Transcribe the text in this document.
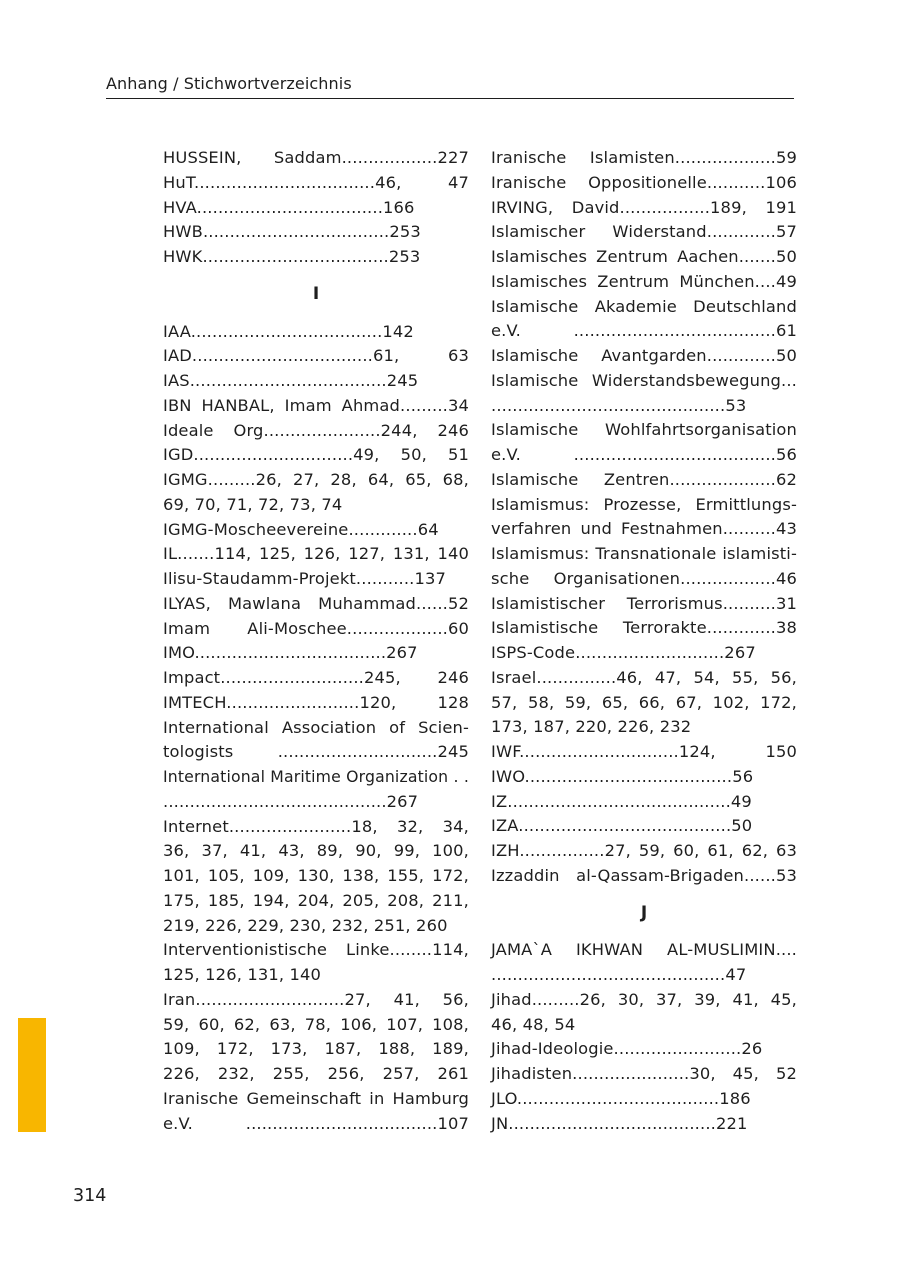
Anhang / Stichwortverzeichnis
HUSSEIN, Saddam..................227
HuT..................................46, 47
HVA...................................166
HWB...................................253
HWK...................................253
I
IAA....................................142
IAD..................................61, 63
IAS.....................................245
IBN HANBAL, Imam Ahmad.........34
Ideale Org......................244, 246
IGD..............................49, 50, 51
IGMG.........26, 27, 28, 64, 65, 68,
69, 70, 71, 72, 73, 74
IGMG-Moscheevereine.............64
IL.......114, 125, 126, 127, 131, 140
Ilisu-Staudamm-Projekt...........137
ILYAS, Mawlana Muhammad......52
Imam Ali-Moschee...................60
IMO....................................267
Impact...........................245, 246
IMTECH.........................120, 128
International Association of Scien-
tologists ..............................245
International Maritime Organization . .
..........................................267
Internet.......................18, 32, 34,
36, 37, 41, 43, 89, 90, 99, 100,
101, 105, 109, 130, 138, 155, 172,
175, 185, 194, 204, 205, 208, 211,
219, 226, 229, 230, 232, 251, 260
Interventionistische Linke........114,
125, 126, 131, 140
Iran............................27, 41, 56,
59, 60, 62, 63, 78, 106, 107, 108,
109, 172, 173, 187, 188, 189,
226, 232, 255, 256, 257, 261
Iranische Gemeinschaft in Hamburg
e.V. ....................................107
Iranische Islamisten...................59
Iranische Oppositionelle...........106
IRVING, David.................189, 191
Islamischer Widerstand.............57
Islamisches Zentrum Aachen.......50
Islamisches Zentrum München....49
Islamische Akademie Deutschland
e.V. ......................................61
Islamische Avantgarden.............50
Islamische Widerstandsbewegung...
............................................53
Islamische Wohlfahrtsorganisation
e.V. ......................................56
Islamische Zentren....................62
Islamismus: Prozesse, Ermittlungs-
verfahren und Festnahmen..........43
Islamismus: Transnationale islamisti-
sche Organisationen..................46
Islamistischer Terrorismus..........31
Islamistische Terrorakte.............38
ISPS-Code............................267
Israel...............46, 47, 54, 55, 56,
57, 58, 59, 65, 66, 67, 102, 172,
173, 187, 220, 226, 232
IWF..............................124, 150
IWO.......................................56
IZ..........................................49
IZA........................................50
IZH................27, 59, 60, 61, 62, 63
Izzaddin al-Qassam-Brigaden......53
J
JAMA`A IKHWAN AL-MUSLIMIN....
............................................47
Jihad.........26, 30, 37, 39, 41, 45,
46, 48, 54
Jihad-Ideologie........................26
Jihadisten......................30, 45, 52
JLO......................................186
JN.......................................221
314
